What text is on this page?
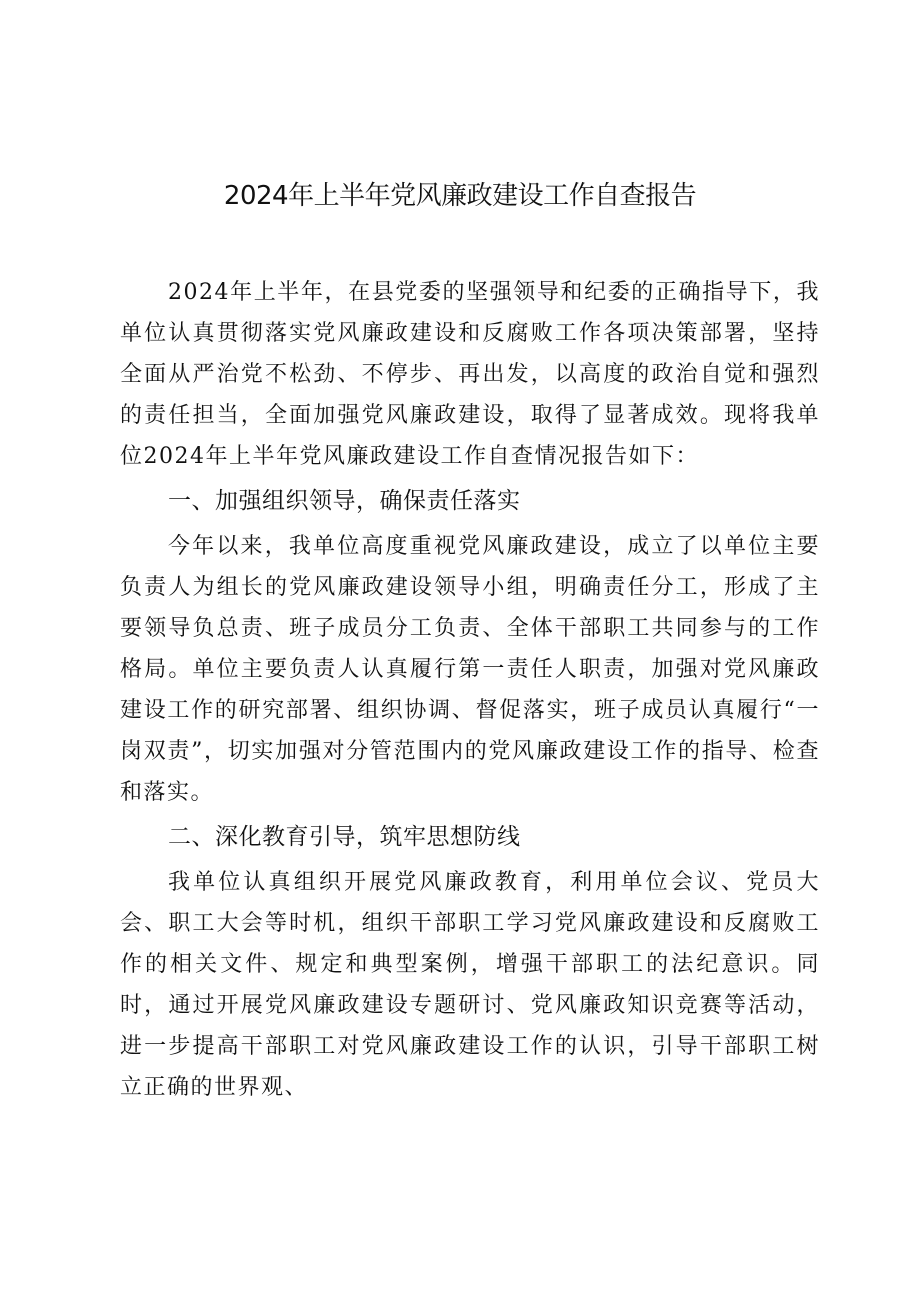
2024年上半年党风廉政建设工作自查报告

2024年上半年，在县党委的坚强领导和纪委的正确指导下，我单位认真贯彻落实党风廉政建设和反腐败工作各项决策部署，坚持全面从严治党不松劲、不停步、再出发，以高度的政治自觉和强烈的责任担当，全面加强党风廉政建设，取得了显著成效。现将我单位2024年上半年党风廉政建设工作自查情况报告如下：

一、加强组织领导，确保责任落实

今年以来，我单位高度重视党风廉政建设，成立了以单位主要负责人为组长的党风廉政建设领导小组，明确责任分工，形成了主要领导负总责、班子成员分工负责、全体干部职工共同参与的工作格局。单位主要负责人认真履行第一责任人职责，加强对党风廉政建设工作的研究部署、组织协调、督促落实，班子成员认真履行“一岗双责”，切实加强对分管范围内的党风廉政建设工作的指导、检查和落实。

二、深化教育引导，筑牢思想防线

我单位认真组织开展党风廉政教育，利用单位会议、党员大会、职工大会等时机，组织干部职工学习党风廉政建设和反腐败工作的相关文件、规定和典型案例，增强干部职工的法纪意识。同时，通过开展党风廉政建设专题研讨、党风廉政知识竞赛等活动，进一步提高干部职工对党风廉政建设工作的认识，引导干部职工树立正确的世界观、
